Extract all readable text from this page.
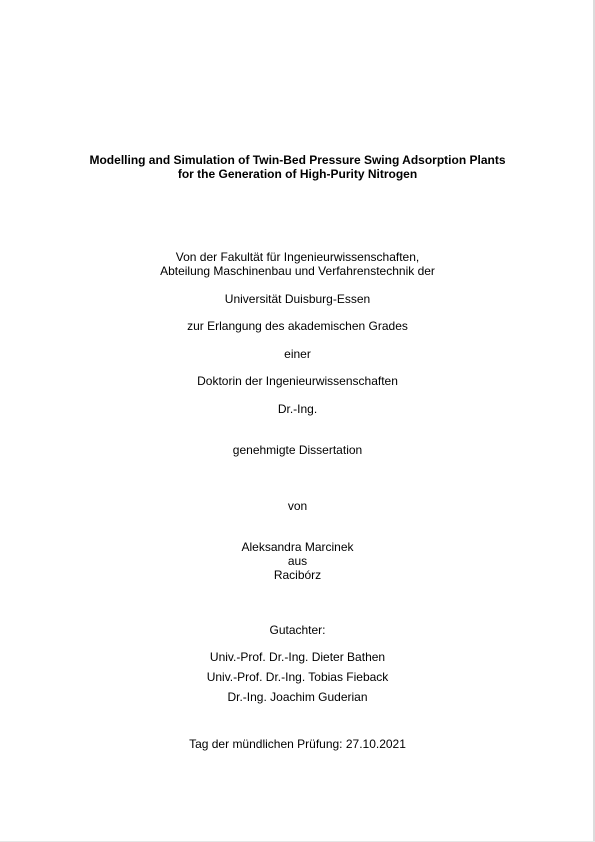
Modelling and Simulation of Twin-Bed Pressure Swing Adsorption Plants
for the Generation of High-Purity Nitrogen
Von der Fakultät für Ingenieurwissenschaften,
Abteilung Maschinenbau und Verfahrenstechnik der
Universität Duisburg-Essen
zur Erlangung des akademischen Grades
einer
Doktorin der Ingenieurwissenschaften
Dr.-Ing.
genehmigte Dissertation
von
Aleksandra Marcinek
aus
Racibórz
Gutachter:
Univ.-Prof. Dr.-Ing. Dieter Bathen
Univ.-Prof. Dr.-Ing. Tobias Fieback
Dr.-Ing. Joachim Guderian
Tag der mündlichen Prüfung: 27.10.2021
